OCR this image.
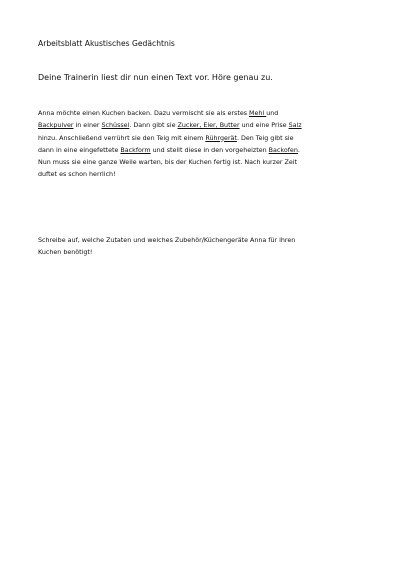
Arbeitsblatt Akustisches Gedächtnis
Deine Trainerin liest dir nun einen Text vor. Höre genau zu.
Anna möchte einen Kuchen backen. Dazu vermischt sie als erstes Mehl und
Backpulver in einer Schüssel. Dann gibt sie Zucker, Eier, Butter und eine Prise Salz
hinzu. Anschließend verrührt sie den Teig mit einem Rührgerät. Den Teig gibt sie
dann in eine eingefettete Backform und stellt diese in den vorgeheizten Backofen.
Nun muss sie eine ganze Weile warten, bis der Kuchen fertig ist. Nach kurzer Zeit
duftet es schon herrlich!
Schreibe auf, welche Zutaten und welches Zubehör/Küchengeräte Anna für ihren
Kuchen benötigt!
